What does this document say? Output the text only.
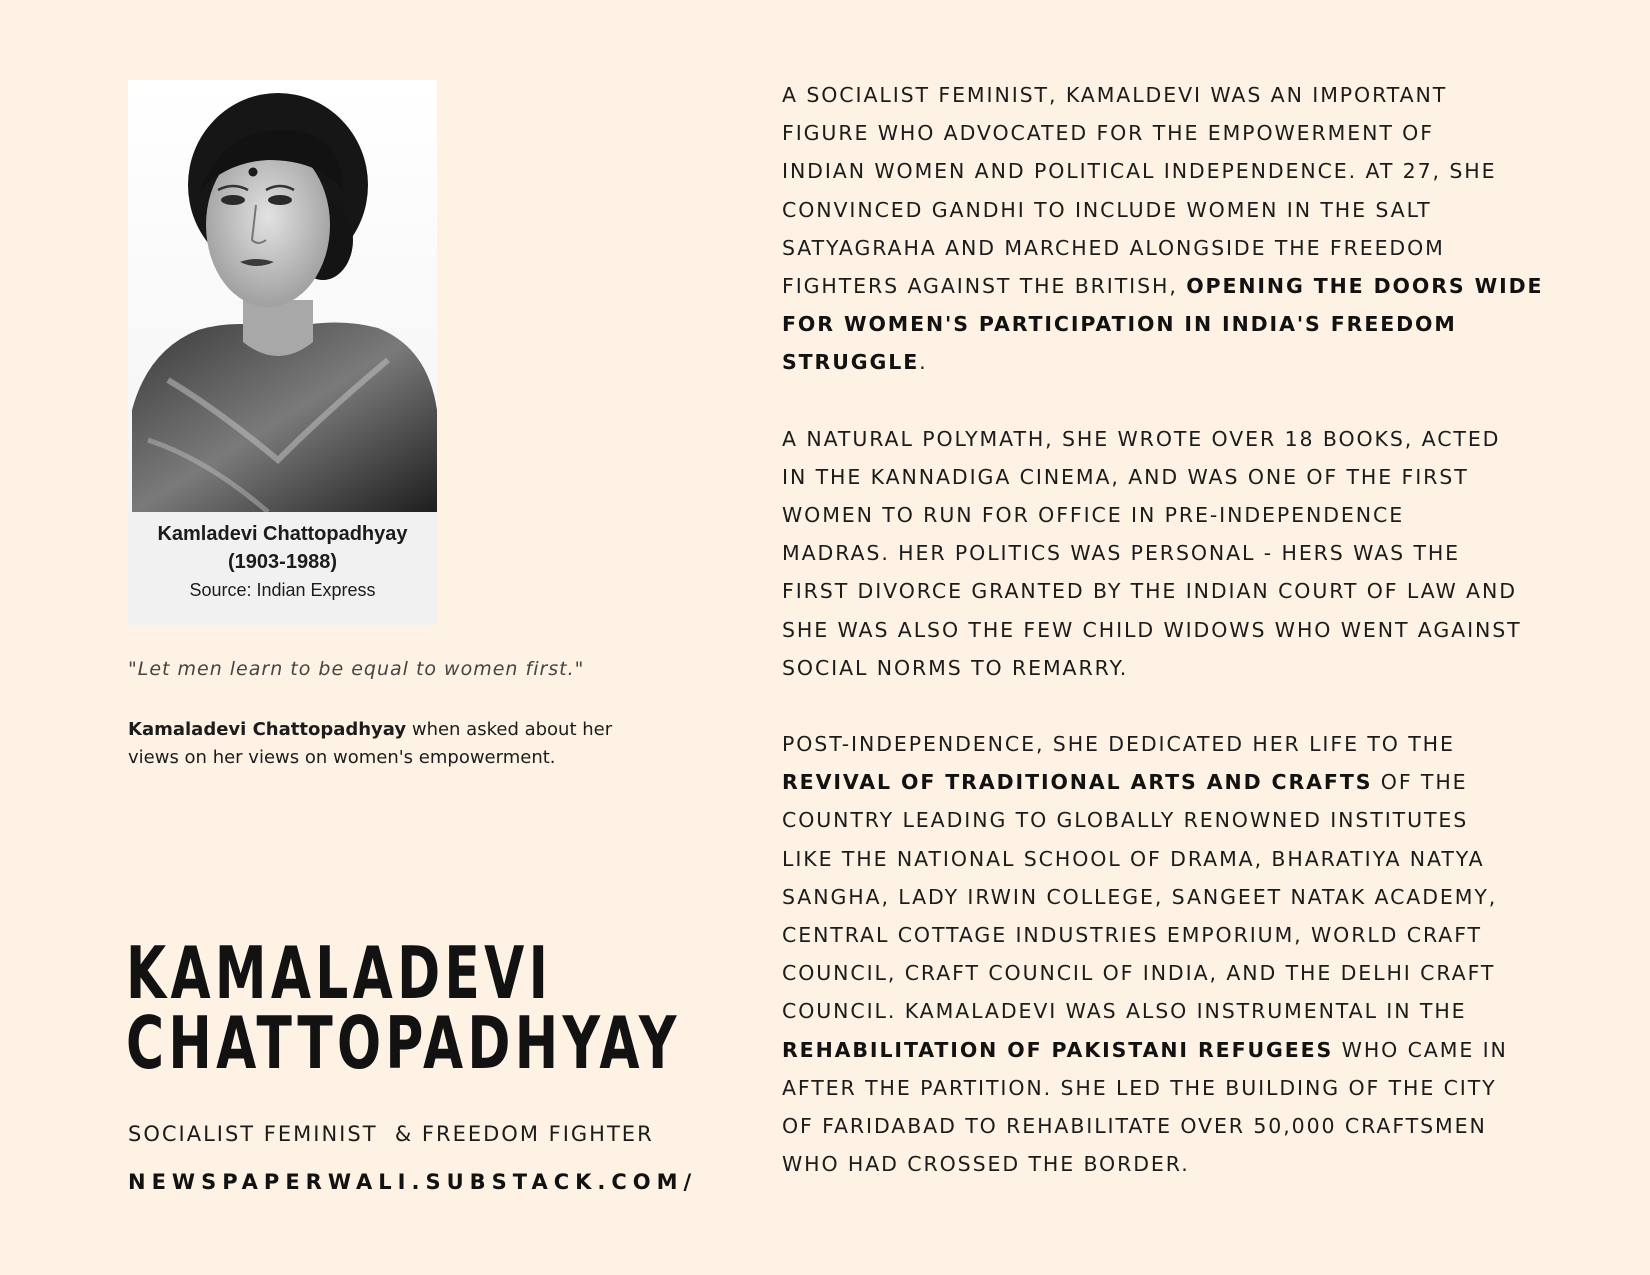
Kamladevi Chattopadhyay
(1903-1988)
Source: Indian Express
"Let men learn to be equal to women first."
Kamaladevi Chattopadhyay when asked about her views on her views on women's empowerment.
KAMALADEVI
CHATTOPADHYAY
SOCIALIST FEMINIST  & FREEDOM FIGHTER
NEWSPAPERWALI.SUBSTACK.COM/
A SOCIALIST FEMINIST, KAMALDEVI WAS AN IMPORTANT
FIGURE WHO ADVOCATED FOR THE EMPOWERMENT OF
INDIAN WOMEN AND POLITICAL INDEPENDENCE. AT 27, SHE
CONVINCED GANDHI TO INCLUDE WOMEN IN THE SALT
SATYAGRAHA AND MARCHED ALONGSIDE THE FREEDOM
FIGHTERS AGAINST THE BRITISH, OPENING THE DOORS WIDE
FOR WOMEN'S PARTICIPATION IN INDIA'S FREEDOM
STRUGGLE.
A NATURAL POLYMATH, SHE WROTE OVER 18 BOOKS, ACTED
IN THE KANNADIGA CINEMA, AND WAS ONE OF THE FIRST
WOMEN TO RUN FOR OFFICE IN PRE-INDEPENDENCE
MADRAS. HER POLITICS WAS PERSONAL - HERS WAS THE
FIRST DIVORCE GRANTED BY THE INDIAN COURT OF LAW AND
SHE WAS ALSO THE FEW CHILD WIDOWS WHO WENT AGAINST
SOCIAL NORMS TO REMARRY.
POST-INDEPENDENCE, SHE DEDICATED HER LIFE TO THE
REVIVAL OF TRADITIONAL ARTS AND CRAFTS OF THE
COUNTRY LEADING TO GLOBALLY RENOWNED INSTITUTES
LIKE THE NATIONAL SCHOOL OF DRAMA, BHARATIYA NATYA
SANGHA, LADY IRWIN COLLEGE, SANGEET NATAK ACADEMY,
CENTRAL COTTAGE INDUSTRIES EMPORIUM, WORLD CRAFT
COUNCIL, CRAFT COUNCIL OF INDIA, AND THE DELHI CRAFT
COUNCIL. KAMALADEVI WAS ALSO INSTRUMENTAL IN THE
REHABILITATION OF PAKISTANI REFUGEES WHO CAME IN
AFTER THE PARTITION. SHE LED THE BUILDING OF THE CITY
OF FARIDABAD TO REHABILITATE OVER 50,000 CRAFTSMEN
WHO HAD CROSSED THE BORDER.
